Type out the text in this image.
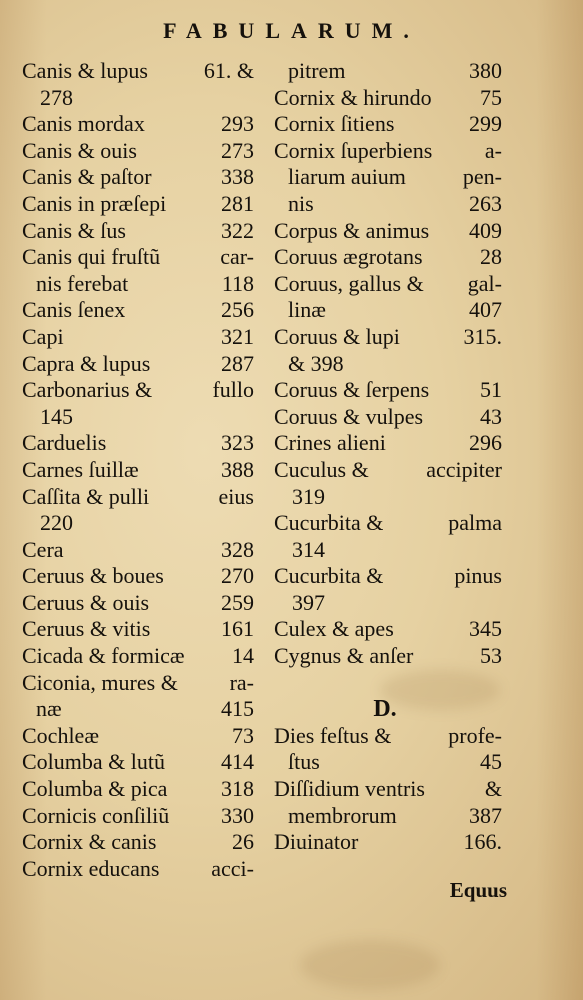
FABULARUM.
Canis & lupus	61. &
278
Canis mordax	293
Canis & ouis	273
Canis & paſtor	338
Canis in præſepi 281
Canis & ſus	322
Canis qui fruſtũ	car-
nis ferebat	118
Canis ſenex	256
Capi	321
Capra & lupus	287
Carbonarius &	fullo
145
Carduelis	323
Carnes ſuillæ	388
Caſſita & pulli	eius
220
Cera	328
Ceruus & boues	270
Ceruus & ouis	259
Ceruus & vitis	161
Cicada & formicæ 14
Ciconia, mures & ra-
næ	415
Cochleæ	73
Columba & lutũ	414
Columba & pica 318
Cornicis conſiliũ 330
Cornix & canis	26
Cornix educans acci-
pitrem	380
Cornix & hirundo 75
Cornix ſitiens	299
Cornix ſuperbiens a-
liarum auium	pen-
nis	263
Corpus & animus 409
Coruus ægrotans	28
Coruus, gallus & gal-
linæ	407
Coruus & lupi	315.
& 398
Coruus & ſerpens 51
Coruus & vulpes	43
Crines alieni	296
Cuculus &	accipiter
319
Cucurbita &	palma
314
Cucurbita &	pinus
397
Culex & apes	345
Cygnus & anſer	53
D.
Dies feſtus &	profe-
ſtus	45
Diſſidium ventris	&
membrorum	387
Diuinator	166.
Equus
